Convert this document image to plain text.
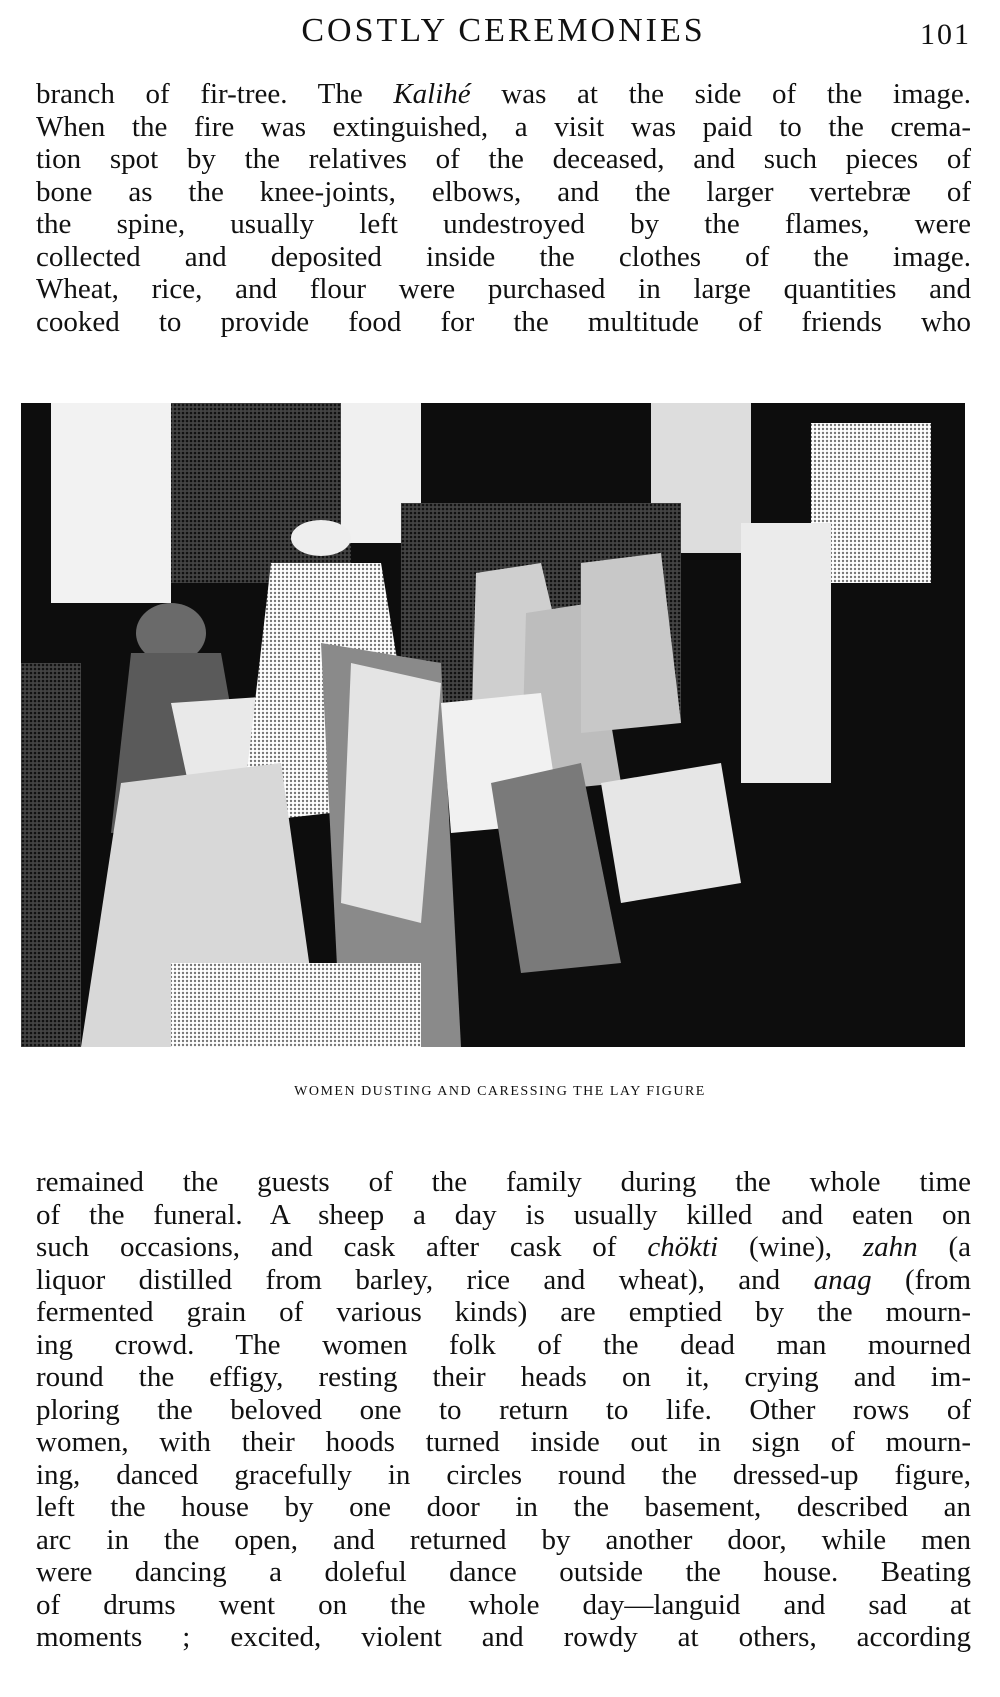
COSTLY CEREMONIES	101
branch of fir-tree. The Kalihé was at the side of the image.
When the fire was extinguished, a visit was paid to the crema-
tion spot by the relatives of the deceased, and such pieces of
bone as the knee-joints, elbows, and the larger vertebræ of
the spine, usually left undestroyed by the flames, were
collected and deposited inside the clothes of the image.
Wheat, rice, and flour were purchased in large quantities and
cooked to provide food for the multitude of friends who
WOMEN DUSTING AND CARESSING THE LAY FIGURE
remained the guests of the family during the whole time
of the funeral. A sheep a day is usually killed and eaten on
such occasions, and cask after cask of chökti (wine), zahn (a
liquor distilled from barley, rice and wheat), and anag (from
fermented grain of various kinds) are emptied by the mourn-
ing crowd. The women folk of the dead man mourned
round the effigy, resting their heads on it, crying and im-
ploring the beloved one to return to life. Other rows of
women, with their hoods turned inside out in sign of mourn-
ing, danced gracefully in circles round the dressed-up figure,
left the house by one door in the basement, described an
arc in the open, and returned by another door, while men
were dancing a doleful dance outside the house. Beating
of drums went on the whole day—languid and sad at
moments ; excited, violent and rowdy at others, according
